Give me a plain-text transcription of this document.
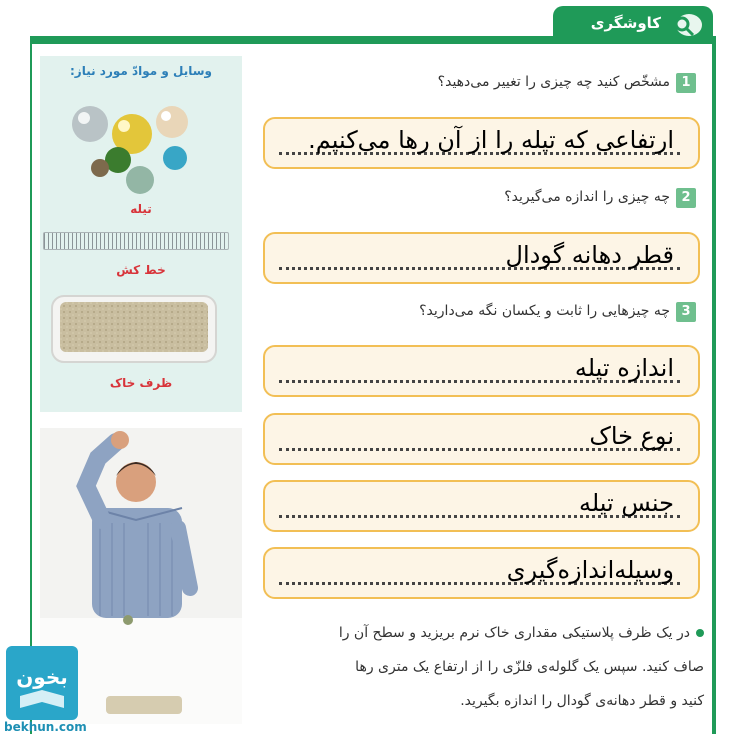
کاوشگری
وسایل و موادّ مورد نیاز:
تیله
خط کش
ظرف خاک
1مشخّص کنید چه چیزی را تغییر می‌دهید؟
2چه چیزی را اندازه می‌گیرید؟
3چه چیزهایی را ثابت و یکسان نگه می‌دارید؟
ارتفاعی که تیله را از آن رها می‌کنیم.
قطر دهانه گودال
اندازه تیله
نوع خاک
جنس تیله
وسیله‌اندازه‌گیری
در یک ظرف پلاستیکی مقداری خاک نرم بریزید و سطح آن را
صاف کنید. سپس یک گلوله‌ی فلزّی را از ارتفاع یک متری رها
کنید و قطر دهانه‌ی گودال را اندازه بگیرید.
بخون
bekhun.com
